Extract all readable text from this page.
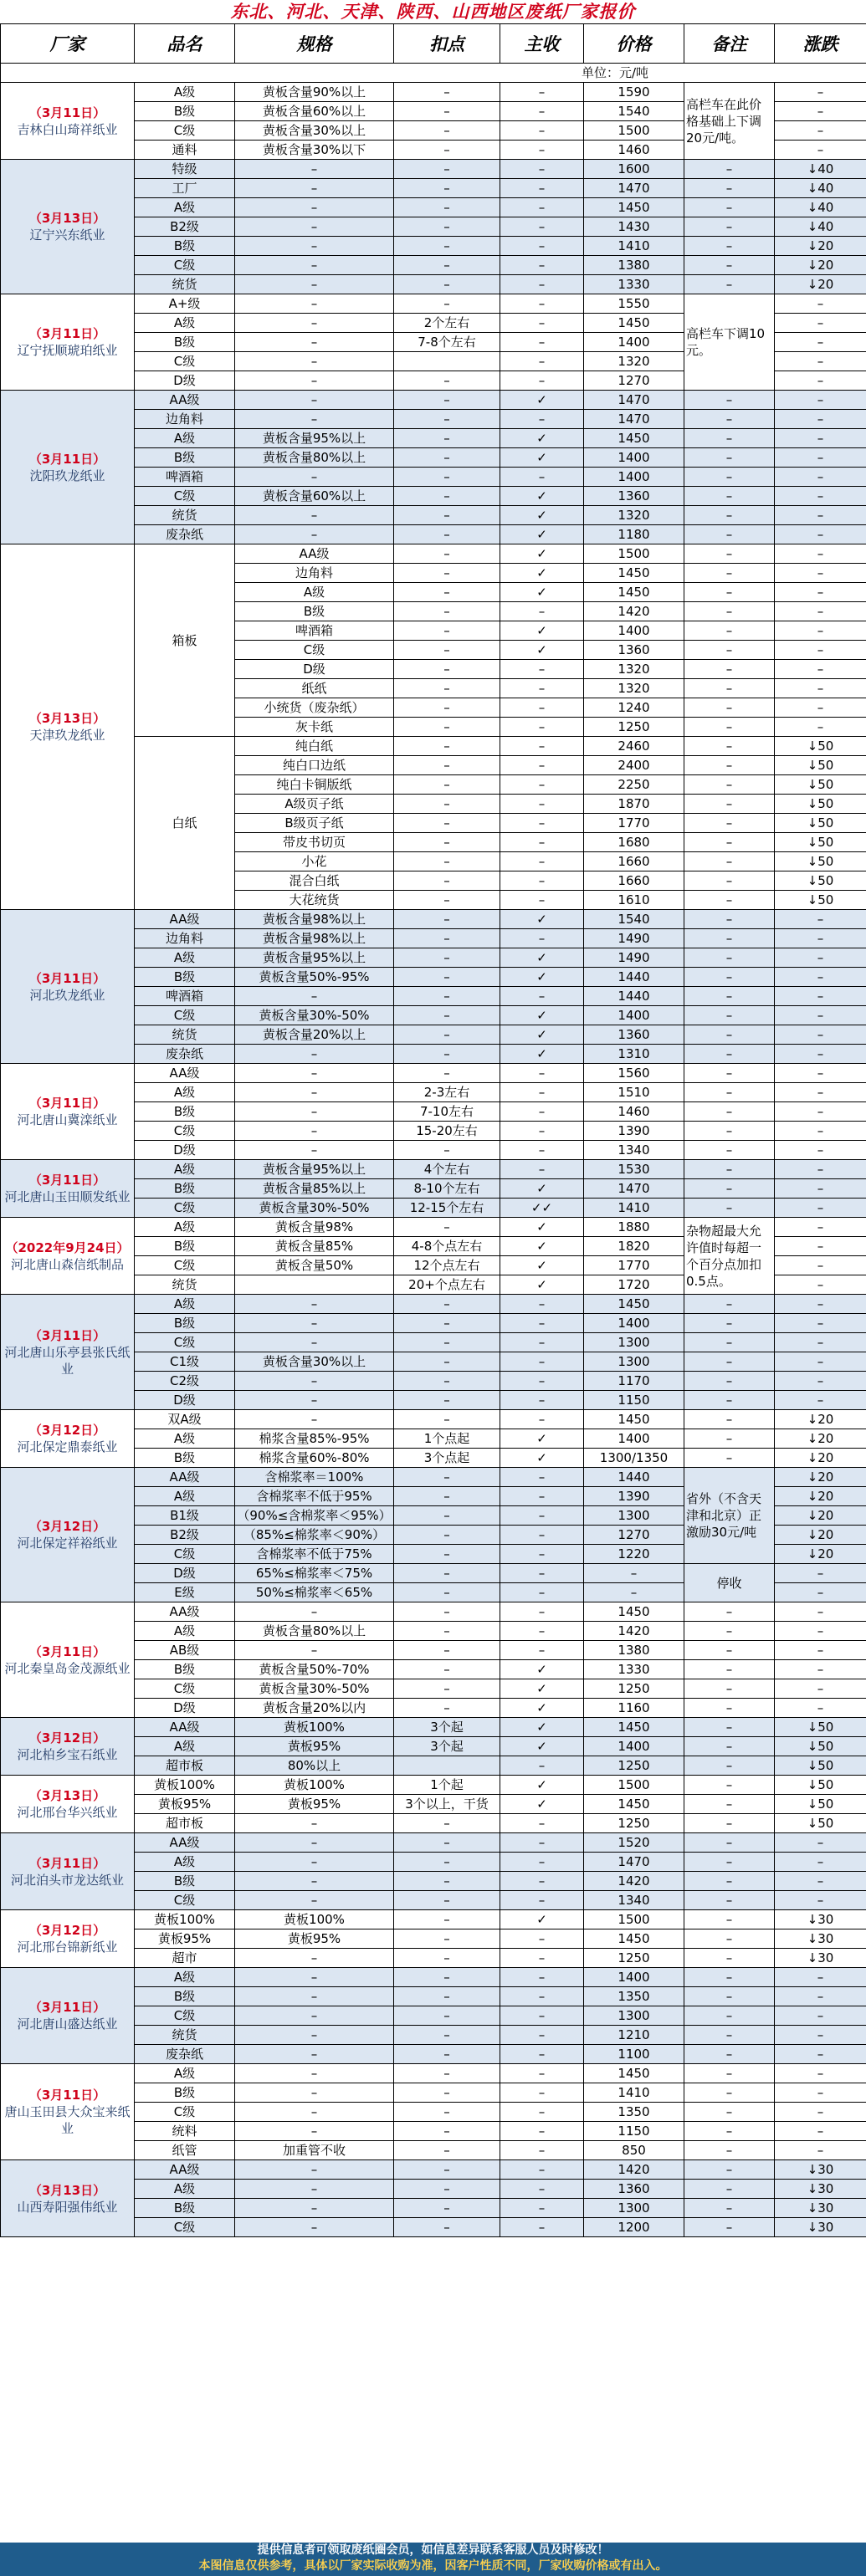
东北、河北、天津、陕西、山西地区废纸厂家报价
厂家	品名	规格	扣点	主收	价格	备注	涨跌
单位：元/吨							

（3月11日）
吉林白山琦祥纸业	A级	黄板含量90%以上	–	–	1590	高栏车在此价格基础上下调20元/吨。	–
	B级	黄板含量60%以上	–	–	1540		–
	C级	黄板含量30%以上	–	–	1500		–
	通料	黄板含量30%以下	–	–	1460		–

（3月13日）
辽宁兴东纸业	特级	–	–	–	1600	–	↓40
	工厂	–	–	–	1470	–	↓40
	A级	–	–	–	1450	–	↓40
	B2级	–	–	–	1430	–	↓40
	B级	–	–	–	1410	–	↓20
	C级	–	–	–	1380	–	↓20
	统货	–	–	–	1330	–	↓20

（3月11日）
辽宁抚顺琥珀纸业	A+级	–	–	–	1550	高栏车下调10元。	–
	A级	–	2个左右	–	1450		–
	B级	–	7-8个左右	–	1400		–
	C级	–		–	1320		–
	D级	–	–	–	1270		–

（3月11日）
沈阳玖龙纸业	AA级	–	–	✓	1470	–	–
	边角料	–	–	–	1470	–	–
	A级	黄板含量95%以上	–	✓	1450	–	–
	B级	黄板含量80%以上	–	✓	1400	–	–
	啤酒箱	–	–	–	1400	–	–
	C级	黄板含量60%以上	–	✓	1360	–	–
	统货	–	–	✓	1320	–	–
	废杂纸	–	–	✓	1180	–	–

（3月13日）
天津玖龙纸业	箱板	AA级	–	✓	1500	–	–
		边角料	–	✓	1450	–	–
		A级	–	✓	1450	–	–
		B级	–	–	1420	–	–
		啤酒箱	–	✓	1400	–	–
		C级	–	✓	1360	–	–
		D级	–	–	1320	–	–
		纸纸	–	–	1320	–	–
		小统货（废杂纸）	–	–	1240	–	–
		灰卡纸	–	–	1250	–	–
	白纸	纯白纸	–	–	2460	–	↓50
		纯白口边纸	–	–	2400	–	↓50
		纯白卡铜版纸	–	–	2250	–	↓50
		A级页子纸	–	–	1870	–	↓50
		B级页子纸	–	–	1770	–	↓50
		带皮书切页	–	–	1680	–	↓50
		小花	–	–	1660	–	↓50
		混合白纸	–	–	1660	–	↓50
		大花统货	–	–	1610	–	↓50

（3月11日）
河北玖龙纸业	AA级	黄板含量98%以上	–	✓	1540	–	–
	边角料	黄板含量98%以上	–	–	1490	–	–
	A级	黄板含量95%以上	–	✓	1490	–	–
	B级	黄板含量50%-95%	–	✓	1440	–	–
	啤酒箱	–	–	–	1440	–	–
	C级	黄板含量30%-50%	–	✓	1400	–	–
	统货	黄板含量20%以上	–	✓	1360	–	–
	废杂纸	–	–	✓	1310	–	–

（3月11日）
河北唐山冀滦纸业	AA级	–	–	–	1560	–	–
	A级	–	2-3左右	–	1510	–	–
	B级	–	7-10左右	–	1460	–	–
	C级	–	15-20左右	–	1390	–	–
	D级	–	–	–	1340	–	–

（3月11日）
河北唐山玉田顺发纸业	A级	黄板含量95%以上	4个左右	–	1530	–	–
	B级	黄板含量85%以上	8-10个左右	✓	1470	–	–
	C级	黄板含量30%-50%	12-15个左右	✓✓	1410	–	–

（2022年9月24日）
河北唐山森信纸制品	A级	黄板含量98%	–	✓	1880	杂物超最大允许值时每超一个百分点加扣0.5点。	–
	B级	黄板含量85%	4-8个点左右	✓	1820		–
	C级	黄板含量50%	12个点左右	✓	1770		–
	统货		20+个点左右	✓	1720		–

（3月11日）
河北唐山乐亭县张氏纸业	A级	–	–	–	1450	–	–
	B级	–	–	–	1400	–	–
	C级	–	–	–	1300	–	–
	C1级	黄板含量30%以上	–	–	1300	–	–
	C2级	–	–	–	1170	–	–
	D级	–	–	–	1150	–	–

（3月12日）
河北保定鼎泰纸业	双A级	–	–	–	1450	–	↓20
	A级	棉浆含量85%-95%	1个点起	✓	1400	–	↓20
	B级	棉浆含量60%-80%	3个点起	✓	1300/1350	–	↓20

（3月12日）
河北保定祥裕纸业	AA级	含棉浆率＝100%	–	–	1440	省外（不含天津和北京）正激励30元/吨	↓20
	A级	含棉浆率不低于95%	–	–	1390		↓20
	B1级	（90%≤含棉浆率＜95%）	–	–	1300		↓20
	B2级	（85%≤棉浆率＜90%）	–	–	1270		↓20
	C级	含棉浆率不低于75%	–	–	1220		↓20
	D级	65%≤棉浆率＜75%	–	–	–	停收	–
	E级	50%≤棉浆率＜65%	–	–	–		–

（3月11日）
河北秦皇岛金茂源纸业	AA级	–	–	–	1450	–	–
	A级	黄板含量80%以上	–	–	1420	–	–
	AB级	–	–	–	1380	–	–
	B级	黄板含量50%-70%	–	✓	1330	–	–
	C级	黄板含量30%-50%	–	✓	1250	–	–
	D级	黄板含量20%以内	–	✓	1160	–	–

（3月12日）
河北柏乡宝石纸业	AA级	黄板100%	3个起	✓	1450	–	↓50
	A级	黄板95%	3个起	✓	1400	–	↓50
	超市板	80%以上		–	1250	–	↓50

（3月13日）
河北邢台华兴纸业	黄板100%	黄板100%	1个起	✓	1500	–	↓50
	黄板95%	黄板95%	3个以上，干货	✓	1450	–	↓50
	超市板	–	–	–	1250	–	↓50

（3月11日）
河北泊头市龙达纸业	AA级	–	–	–	1520	–	–
	A级	–	–	–	1470	–	–
	B级	–	–	–	1420	–	–
	C级	–	–	–	1340	–	–

（3月12日）
河北邢台锦新纸业	黄板100%	黄板100%	–	✓	1500	–	↓30
	黄板95%	黄板95%	–	–	1450	–	↓30
	超市	–	–	–	1250	–	↓30

（3月11日）
河北唐山盛达纸业	A级	–	–	–	1400	–	–
	B级	–	–	–	1350	–	–
	C级	–	–	–	1300	–	–
	统货	–	–	–	1210	–	–
	废杂纸	–	–	–	1100	–	–

（3月11日）
唐山玉田县大众宝来纸业	A级	–	–	–	1450	–	–
	B级	–	–	–	1410	–	–
	C级	–	–	–	1350	–	–
	统料	–	–	–	1150	–	–
	纸管	加重管不收	–	–	850	–	–

（3月13日）
山西寿阳强伟纸业	AA级	–	–	–	1420	–	↓30
	A级	–	–	–	1360	–	↓30
	B级	–	–	–	1300	–	↓30
	C级	–	–	–	1200	–	↓30
提供信息者可领取废纸圈会员，如信息差异联系客服人员及时修改！
本图信息仅供参考，具体以厂家实际收购为准，因客户性质不同，厂家收购价格或有出入。
